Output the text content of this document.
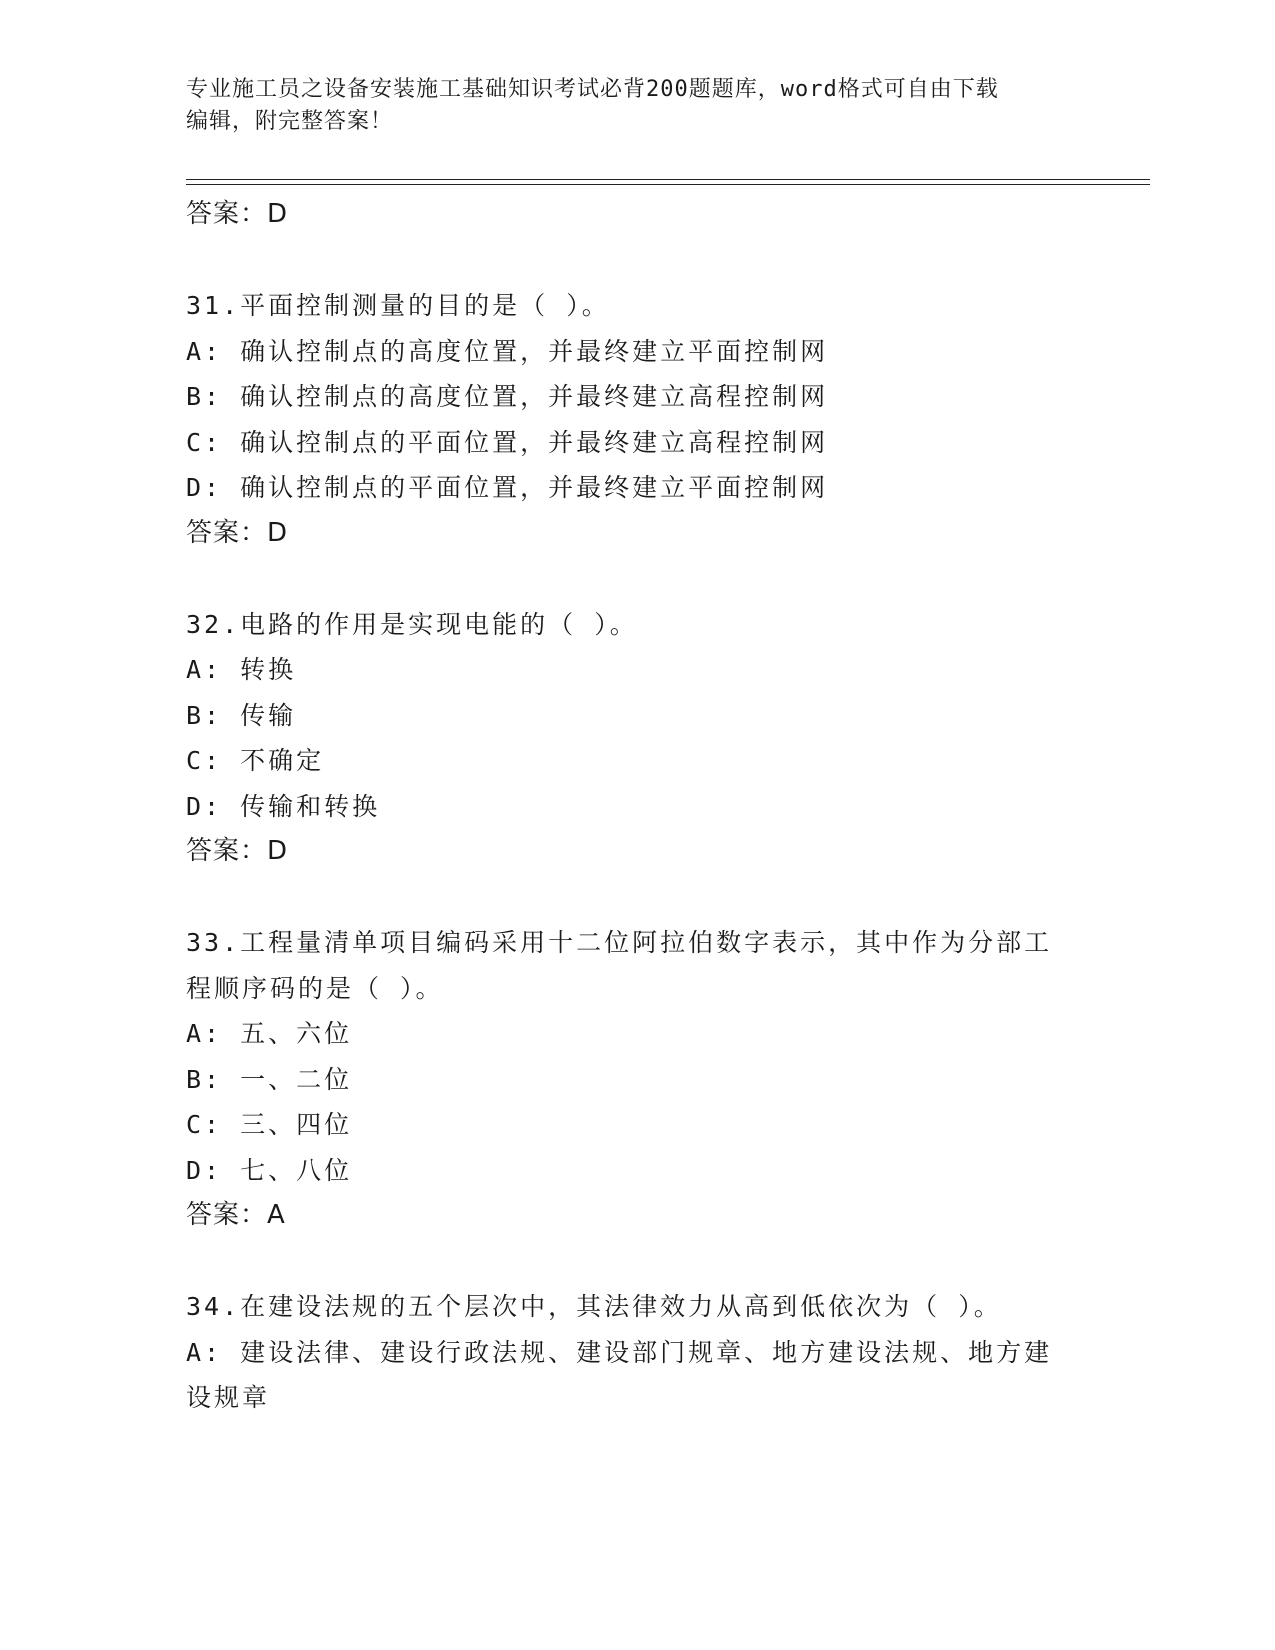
专业施工员之设备安装施工基础知识考试必背200题题库，word格式可自由下载
编辑，附完整答案！
答案：D
31.平面控制测量的目的是（ ）。
A: 确认控制点的高度位置，并最终建立平面控制网
B: 确认控制点的高度位置，并最终建立高程控制网
C: 确认控制点的平面位置，并最终建立高程控制网
D: 确认控制点的平面位置，并最终建立平面控制网
答案：D
32.电路的作用是实现电能的（ ）。
A: 转换
B: 传输
C: 不确定
D: 传输和转换
答案：D
33.工程量清单项目编码采用十二位阿拉伯数字表示，其中作为分部工
程顺序码的是（ ）。
A: 五、六位
B: 一、二位
C: 三、四位
D: 七、八位
答案：A
34.在建设法规的五个层次中，其法律效力从高到低依次为（ ）。
A: 建设法律、建设行政法规、建设部门规章、地方建设法规、地方建
设规章
